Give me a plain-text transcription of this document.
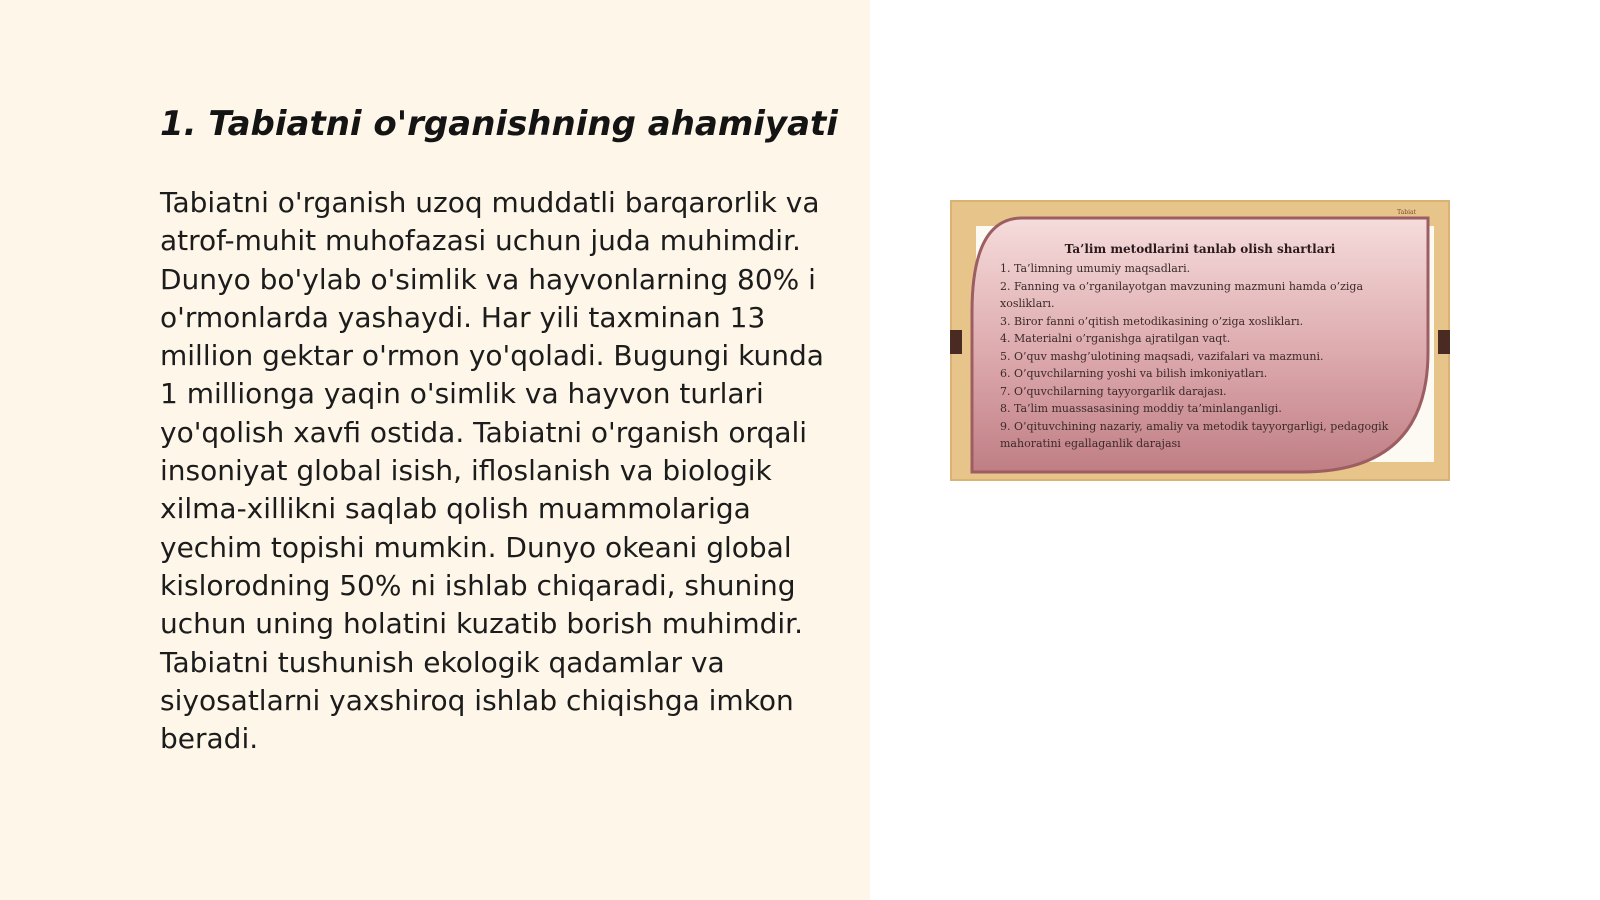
1. Tabiatni o'rganishning ahamiyati

Tabiatni o'rganish uzoq muddatli barqarorlik va atrof-muhit muhofazasi uchun juda muhimdir. Dunyo bo'ylab o'simlik va hayvonlarning 80% i o'rmonlarda yashaydi. Har yili taxminan 13 million gektar o'rmon yo'qoladi. Bugungi kunda 1 millionga yaqin o'simlik va hayvon turlari yo'qolish xavfi ostida. Tabiatni o'rganish orqali insoniyat global isish, ifloslanish va biologik xilma-xillikni saqlab qolish muammolariga yechim topishi mumkin. Dunyo okeani global kislorodning 50% ni ishlab chiqaradi, shuning uchun uning holatini kuzatib borish muhimdir. Tabiatni tushunish ekologik qadamlar va siyosatlarni yaxshiroq ishlab chiqishga imkon beradi.

Tabiat

Ta’lim metodlarini tanlab olish shartlari

1. Ta’limning umumiy maqsadlari.
2. Fanning va o’rganilayotgan mavzuning mazmuni hamda o’ziga xoslikları.
3. Biror fanni o’qitish metodikasining o’ziga xoslikları.
4. Materialni o’rganishga ajratilgan vaqt.
5. O’quv mashg’ulotining maqsadi, vazifalari va mazmuni.
6. O’quvchilarning yoshi va bilish imkoniyatları.
7. O’quvchilarning tayyorgarlik darajası.
8. Ta’lim muassasasining moddiy ta’minlanganligi.
9. O’qituvchining nazariy, amaliy va metodik tayyorgarligi, pedagogik mahoratini egallaganlik darajası
